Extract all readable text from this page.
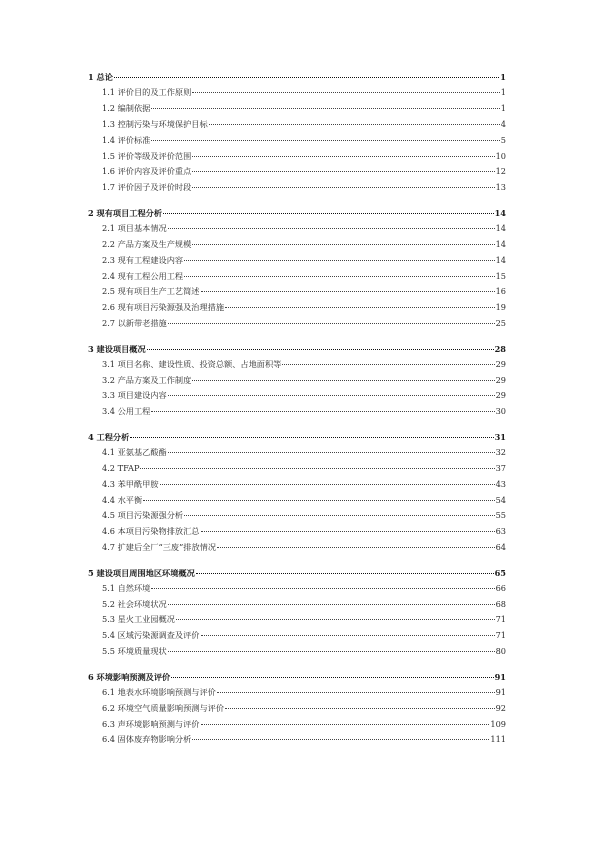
1 总论	1
1.1 评价目的及工作原则	1
1.2 编制依据	1
1.3 控制污染与环境保护目标	4
1.4 评价标准	5
1.5 评价等级及评价范围	10
1.6 评价内容及评价重点	12
1.7 评价因子及评价时段	13
2 现有项目工程分析	14
2.1 项目基本情况	14
2.2 产品方案及生产规模	14
2.3 现有工程建设内容	14
2.4 现有工程公用工程	15
2.5 现有项目生产工艺简述	16
2.6 现有项目污染源强及治理措施	19
2.7 以新带老措施	25
3 建设项目概况	28
3.1 项目名称、建设性质、投资总额、占地面积等	29
3.2 产品方案及工作制度	29
3.3 项目建设内容	29
3.4 公用工程	30
4 工程分析	31
4.1 亚氨基乙酸酯	32
4.2 TFAP	37
4.3 苯甲酰甲胺	43
4.4 水平衡	54
4.5 项目污染源强分析	55
4.6 本项目污染物排放汇总	63
4.7 扩建后全厂“三废”排放情况	64
5 建设项目周围地区环境概况	65
5.1 自然环境	66
5.2 社会环境状况	68
5.3 星火工业园概况	71
5.4 区域污染源调查及评价	71
5.5 环境质量现状	80
6 环境影响预测及评价	91
6.1 地表水环境影响预测与评价	91
6.2 环境空气质量影响预测与评价	92
6.3 声环境影响预测与评价	109
6.4 固体废弃物影响分析	111
